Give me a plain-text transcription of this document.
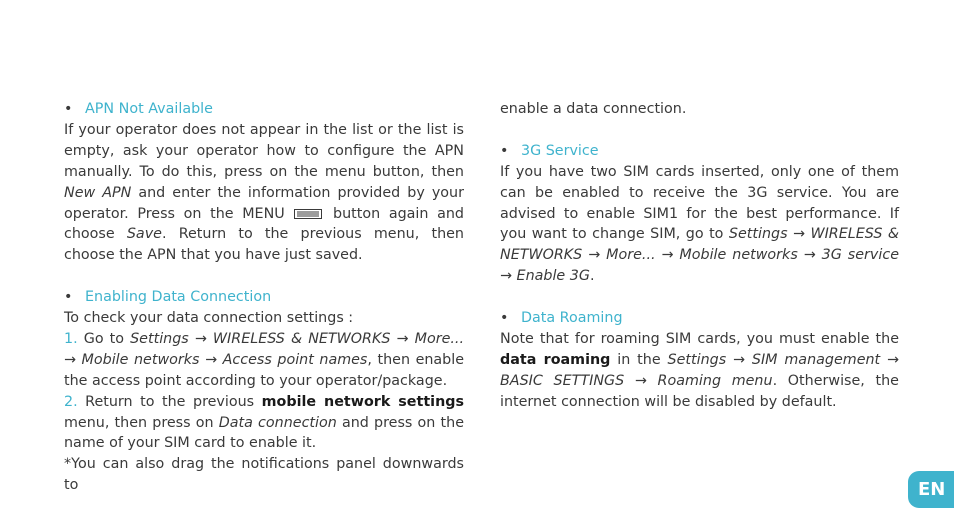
• APN Not Available
If your operator does not appear in the list or the list is empty, ask your operator how to configure the APN manually. To do this, press on the menu button, then New APN and enter the information provided by your operator. Press on the MENU  button again and choose Save. Return to the previous menu, then choose the APN that you have just saved.
• Enabling Data Connection
To check your data connection settings :
1. Go to Settings → WIRELESS & NETWORKS → More... → Mobile networks → Access point names, then enable the access point according to your operator/package.
2. Return to the previous mobile network settings menu, then press on Data connection and press on the name of your SIM card to enable it.
*You can also drag the notifications panel downwards to
enable a data connection.
• 3G Service
If you have two SIM cards inserted, only one of them can be enabled to receive the 3G service. You are advised to enable SIM1 for the best performance. If you want to change SIM, go to Settings → WIRELESS & NETWORKS → More... → Mobile networks → 3G service → Enable 3G.
• Data Roaming
Note that for roaming SIM cards, you must enable the data roaming in the Settings → SIM management → BASIC SETTINGS → Roaming menu. Otherwise, the internet connection will be disabled by default.
EN
